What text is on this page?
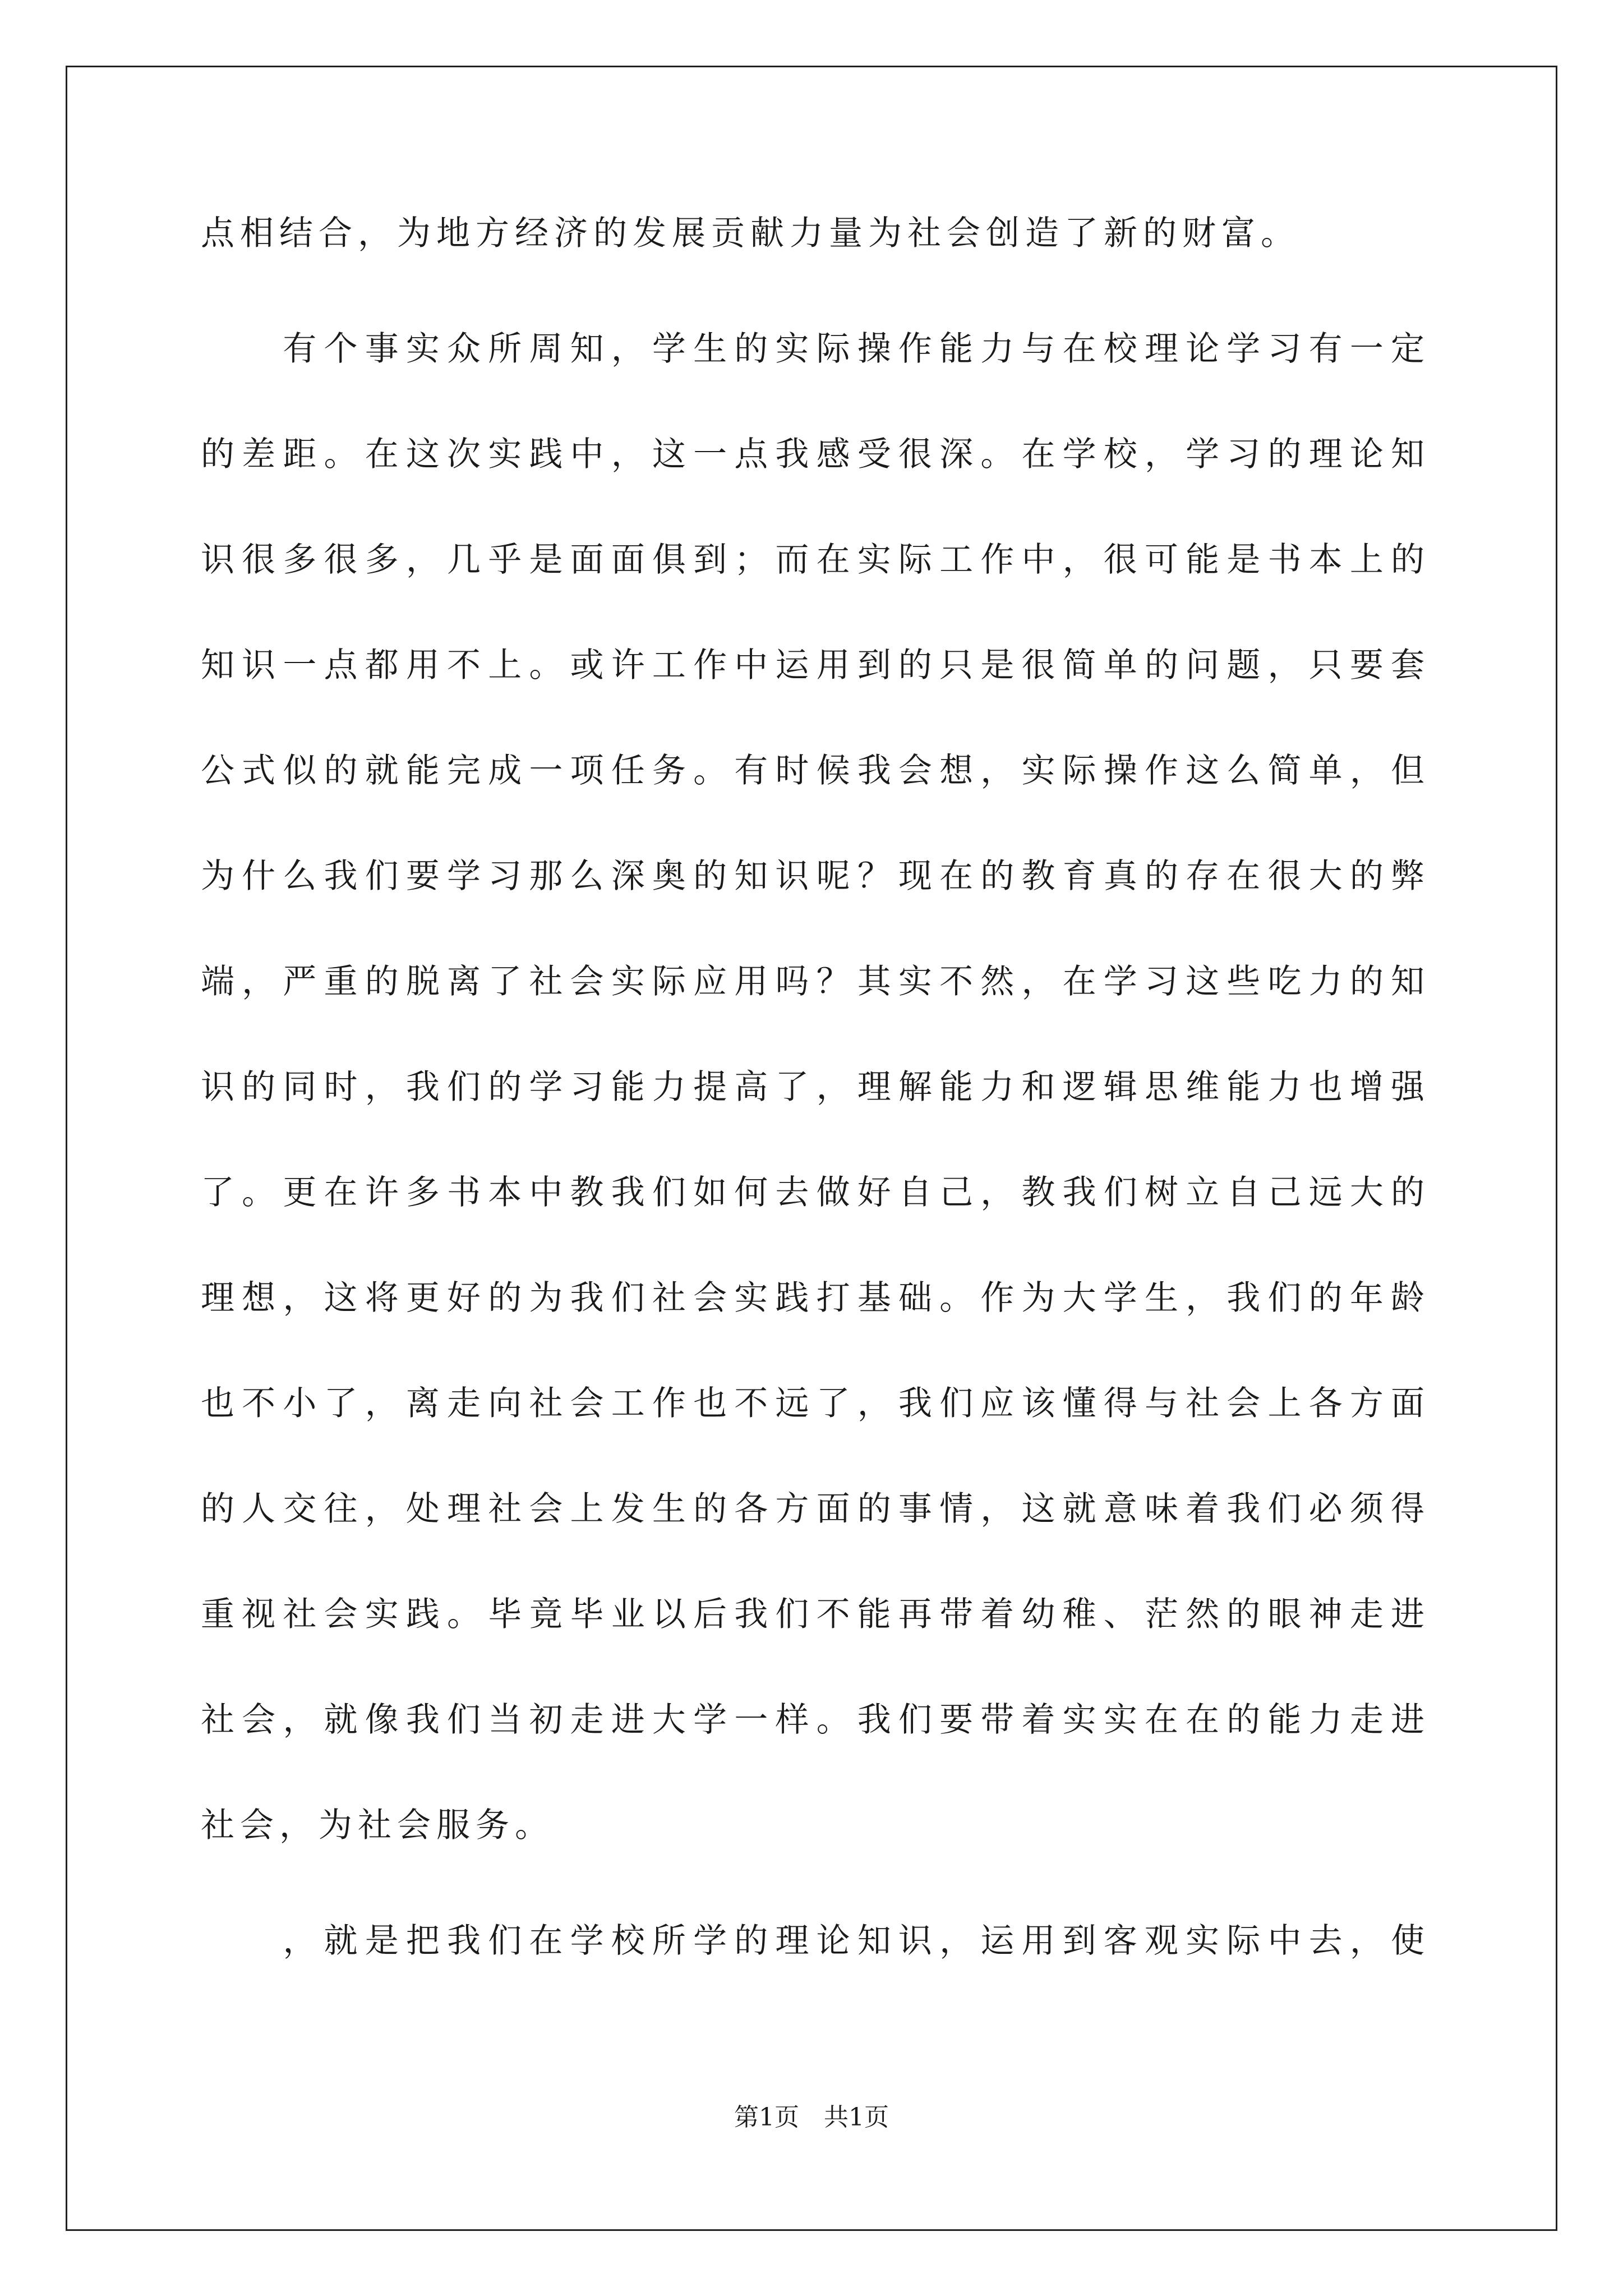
点相结合，为地方经济的发展贡献力量为社会创造了新的财富。

有 个 事 实 众 所 周 知 ， 学 生 的 实 际 操 作 能 力 与 在 校 理 论 学 习 有 一 定
的 差 距 。 在 这 次 实 践 中 ， 这 一 点 我 感 受 很 深 。 在 学 校 ， 学 习 的 理 论 知
识 很 多 很 多 ， 几 乎 是 面 面 俱 到 ； 而 在 实 际 工 作 中 ， 很 可 能 是 书 本 上 的
知 识 一 点 都 用 不 上 。 或 许 工 作 中 运 用 到 的 只 是 很 简 单 的 问 题 ， 只 要 套
公 式 似 的 就 能 完 成 一 项 任 务 。 有 时 候 我 会 想 ， 实 际 操 作 这 么 简 单 ， 但
为 什 么 我 们 要 学 习 那 么 深 奥 的 知 识 呢 ？ 现 在 的 教 育 真 的 存 在 很 大 的 弊
端 ， 严 重 的 脱 离 了 社 会 实 际 应 用 吗 ？ 其 实 不 然 ， 在 学 习 这 些 吃 力 的 知
识 的 同 时 ， 我 们 的 学 习 能 力 提 高 了 ， 理 解 能 力 和 逻 辑 思 维 能 力 也 增 强
了 。 更 在 许 多 书 本 中 教 我 们 如 何 去 做 好 自 己 ， 教 我 们 树 立 自 己 远 大 的
理 想 ， 这 将 更 好 的 为 我 们 社 会 实 践 打 基 础 。 作 为 大 学 生 ， 我 们 的 年 龄
也 不 小 了 ， 离 走 向 社 会 工 作 也 不 远 了 ， 我 们 应 该 懂 得 与 社 会 上 各 方 面
的 人 交 往 ， 处 理 社 会 上 发 生 的 各 方 面 的 事 情 ， 这 就 意 味 着 我 们 必 须 得
重 视 社 会 实 践 。 毕 竟 毕 业 以 后 我 们 不 能 再 带 着 幼 稚 、 茫 然 的 眼 神 走 进
社 会 ， 就 像 我 们 当 初 走 进 大 学 一 样 。 我 们 要 带 着 实 实 在 在 的 能 力 走 进
社会，为社会服务。

， 就 是 把 我 们 在 学 校 所 学 的 理 论 知 识 ， 运 用 到 客 观 实 际 中 去 ， 使
第1页　共1页
